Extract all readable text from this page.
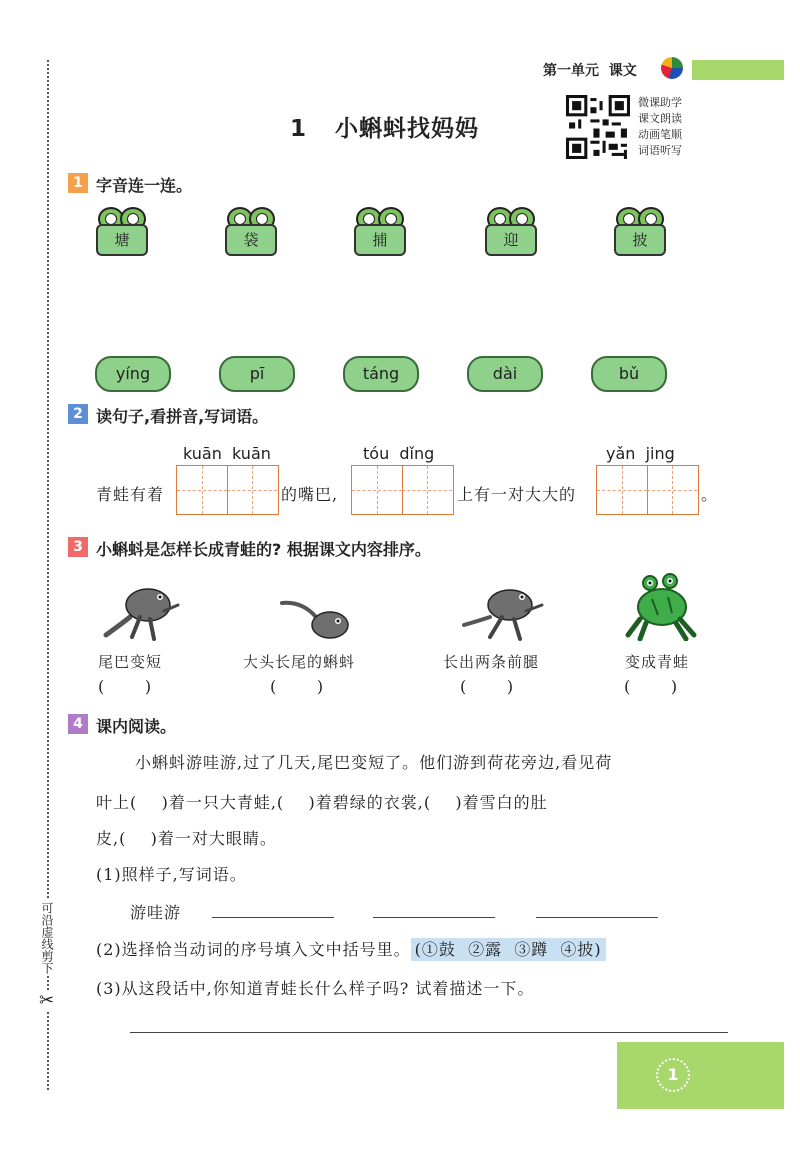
可沿虚线剪下
✂
第一单元 课文
1 小蝌蚪找妈妈
微课助学
课文朗读
动画笔顺
词语听写
1 字音连一连。
塘	袋	捕	迎	披
yíng	pī	táng	dài	bǔ
2 读句子,看拼音,写词语。
kuān  kuān	tóu  dǐng	yǎn  jing
青蛙有着	的嘴巴,	上有一对大大的	。
3 小蝌蚪是怎样长成青蛙的? 根据课文内容排序。
尾巴变短	大头长尾的蝌蚪	长出两条前腿	变成青蛙
(        )	(        )	(        )	(        )
4 课内阅读。
小蝌蚪游哇游,过了几天,尾巴变短了。他们游到荷花旁边,看见荷
叶上(    )着一只大青蛙,(    )着碧绿的衣裳,(    )着雪白的肚
皮,(    )着一对大眼睛。
(1)照样子,写词语。
游哇游
(2)选择恰当动词的序号填入文中括号里。 (①鼓  ②露  ③蹲  ④披)
(3)从这段话中,你知道青蛙长什么样子吗? 试着描述一下。
1
